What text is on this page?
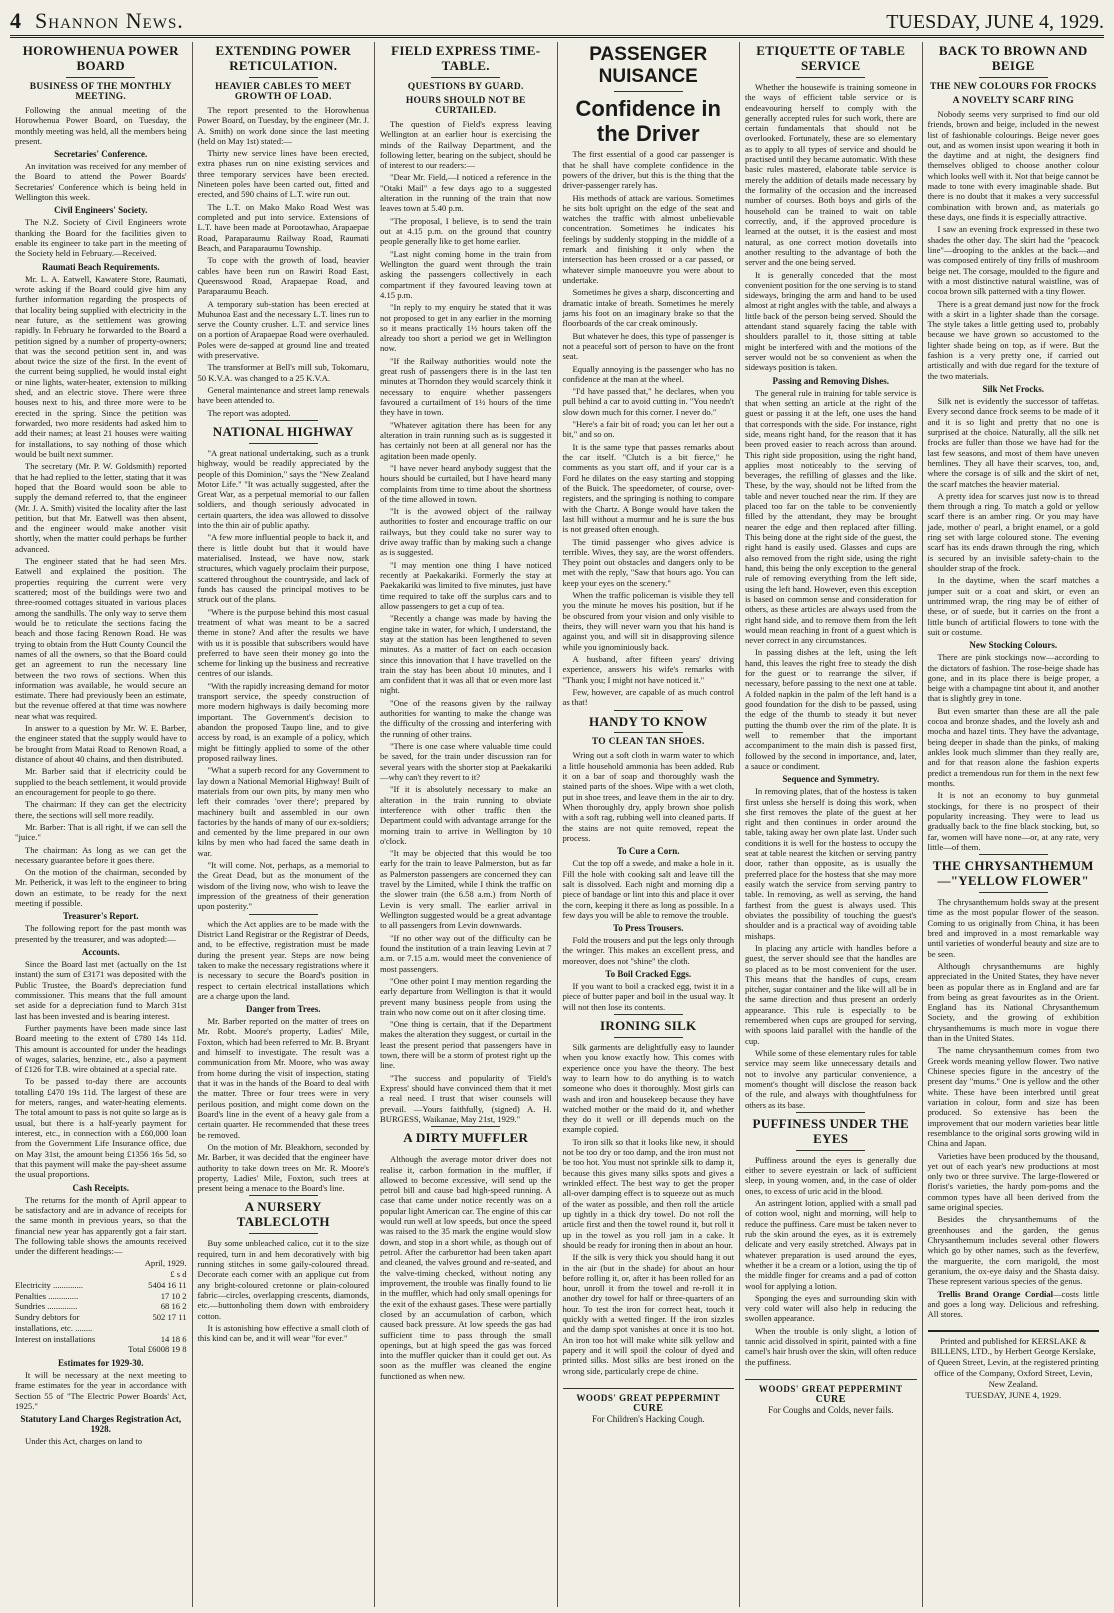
4 Shannon News.	TUESDAY, JUNE 4, 1929.
HOROWHENUA POWER BOARD
BUSINESS OF THE MONTHLY MEETING.

Following the annual meeting of the Horowhenua Power Board, on Tuesday, the monthly meeting was held, all the members being present.

Secretaries' Conference.

An invitation was received for any member of the Board to attend the Power Boards' Secretaries' Conference which is being held in Wellington this week.

Civil Engineers' Society.

The N.Z. Society of Civil Engineers wrote thanking the Board for the facilities given to enable its engineer to take part in the meeting of the Society held in February.—Received.

Raumati Beach Requirements.

Mr. L. A. Eatwell, Kawatere Store, Raumati, wrote asking if the Board could give him any further information regarding the prospects of that locality being supplied with electricity in the near future, as the settlement was growing rapidly. In February he forwarded to the Board a petition signed by a number of property-owners; that was the second petition sent in, and was about twice the size of the first. In the event of the current being supplied, he would instal eight or nine lights, water-heater, extension to milking shed, and an electric stove. There were three houses next to his, and three more were to be erected in the spring. Since the petition was forwarded, two more residents had asked him to add their names; at least 21 houses were waiting for installations, to say nothing of those which would be built next summer.

The secretary (Mr. P. W. Goldsmith) reported that he had replied to the letter, stating that it was hoped that the Board would soon be able to supply the demand referred to, that the engineer (Mr. J. A. Smith) visited the locality after the last petition, but that Mr. Eatwell was then absent, and the engineer would make another visit shortly, when the matter could perhaps be further advanced.

The engineer stated that he had seen Mrs. Eatwell and explained the position. The properties requiring the current were very scattered; most of the buildings were two and three-roomed cottages situated in various places among the sandhills. The only way to serve them would be to reticulate the sections facing the beach and those facing Renown Road. He was trying to obtain from the Hutt County Council the names of all the owners, so that the Board could get an agreement to run the necessary line between the two rows of sections. When this information was available, he would secure an estimate. There had previously been an estimate, but the revenue offered at that time was nowhere near what was required.

In answer to a question by Mr. W. E. Barber, the engineer stated that the supply would have to be brought from Matai Road to Renown Road, a distance of about 40 chains, and then distributed.

Mr. Barber said that if electricity could be supplied to the beach settlement, it would provide an encouragement for people to go there.

The chairman: If they can get the electricity there, the sections will sell more readily.

Mr. Barber: That is all right, if we can sell the "juice."

The chairman: As long as we can get the necessary guarantee before it goes there.

On the motion of the chairman, seconded by Mr. Petherick, it was left to the engineer to bring down an estimate, to be ready for the next meeting if possible.

Treasurer's Report.

The following report for the past month was presented by the treasurer, and was adopted:—

Accounts.

Since the Board last met (actually on the 1st instant) the sum of £3171 was deposited with the Public Trustee, the Board's depreciation fund commissioner. This means that the full amount set aside for a depreciation fund to March 31st last has been invested and is bearing interest.

Further payments have been made since last Board meeting to the extent of £780 14s 11d. This amount is accounted for under the headings of wages, salaries, benzine, etc., also a payment of £126 for T.B. wire obtained at a special rate.

To be passed to-day there are accounts totalling £470 19s 11d. The largest of these are for meters, ranges, and water-heating elements. The total amount to pass is not quite so large as is usual, but there is a half-yearly payment for interest, etc., in connection with a £60,000 loan from the Government Life Insurance office, due on May 31st, the amount being £1356 16s 5d, so that this payment will make the pay-sheet assume the usual proportions.

Cash Receipts.

The returns for the month of April appear to be satisfactory and are in advance of receipts for the same month in previous years, so that the financial new year has apparently got a fair start. The following table shows the amounts received under the different headings:—

April, 1929.
£ s d
Electricity ..............	5404 16 11
Penalties ..............	17 10 2
Sundries ..............	68 16 2
Sundry debtors for installations, etc. ........
502 17 11
Interest on installations	14 18 6
Total £6008 19 8
Estimates for 1929-30.

It will be necessary at the next meeting to frame estimates for the year in accordance with Section 55 of "The Electric Power Boards' Act, 1925."

Statutory Land Charges Registration Act, 1928.

Under this Act, charges on land to

EXTENDING POWER RETICULATION.
HEAVIER CABLES TO MEET GROWTH OF LOAD.

The report presented to the Horowhenua Power Board, on Tuesday, by the engineer (Mr. J. A. Smith) on work done since the last meeting (held on May 1st) stated:—

Thirty new service lines have been erected, extra phases run on nine existing services and three temporary services have been erected. Nineteen poles have been carted out, fitted and erected, and 590 chains of L.T. wire run out.

The L.T. on Mako Mako Road West was completed and put into service. Extensions of L.T. have been made at Porootawhao, Arapaepae Road, Paraparaumu Railway Road, Raumati Beach, and Paraparaumu Township.

To cope with the growth of load, heavier cables have been run on Rawiri Road East, Queenswood Road, Arapaepae Road, and Paraparaumu Beach.

A temporary sub-station has been erected at Muhunoa East and the necessary L.T. lines run to serve the County crusher. L.T. and service lines on a portion of Arapaepae Road were overhauled. Poles were de-sapped at ground line and treated with preservative.

The transformer at Bell's mill sub, Tokomaru, 50 K.V.A. was changed to a 25 K.V.A.

General maintenance and street lamp renewals have been attended to.

The report was adopted.

NATIONAL HIGHWAY

"A great national undertaking, such as a trunk highway, would be readily appreciated by the people of this Dominion," says the "New Zealand Motor Life." "It was actually suggested, after the Great War, as a perpetual memorial to our fallen soldiers, and though seriously advocated in certain quarters, the idea was allowed to dissolve into the thin air of public apathy.

"A few more influential people to back it, and there is little doubt but that it would have materialised. Instead, we have now, stark structures, which vaguely proclaim their purpose, scattered throughout the countryside, and lack of funds has caused the principal motives to be struck out of the plans.

"Where is the purpose behind this most casual treatment of what was meant to be a sacred theme in stone? And after the results we have with us it is possible that subscribers would have preferred to have seen their money go into the scheme for linking up the business and recreative centres of our islands.

"With the rapidly increasing demand for motor transport service, the speedy construction of more modern highways is daily becoming more important. The Government's decision to abandon the proposed Taupo line, and to give access by road, is an example of a policy, which might be fittingly applied to some of the other proposed railway lines.

"What a superb record for any Government to lay down a National Memorial Highway! Built of materials from our own pits, by many men who left their comrades 'over there'; prepared by machinery built and assembled in our own factories by the hands of many of our ex-soldiers; and cemented by the lime prepared in our own kilns by men who had faced the same death in war.

"It will come. Not, perhaps, as a memorial to the Great Dead, but as the monument of the wisdom of the living now, who wish to leave the impression of the greatness of their generation upon posterity."

which the Act applies are to be made with the District Land Registrar or the Registrar of Deeds, and, to be effective, registration must be made during the present year. Steps are now being taken to make the necessary registrations where it is necessary to secure the Board's position in respect to certain electrical installations which are a charge upon the land.

Danger from Trees.

Mr. Barber reported on the matter of trees on Mr. Robt. Moore's property, Ladies' Mile, Foxton, which had been referred to Mr. B. Bryant and himself to investigate. The result was a communication from Mr. Moore, who was away from home during the visit of inspection, stating that it was in the hands of the Board to deal with the matter. Three or four trees were in very perilous position, and might come down on the Board's line in the event of a heavy gale from a certain quarter. He recommended that these trees be removed.

On the motion of Mr. Bleakhorn, seconded by Mr. Barber, it was decided that the engineer have authority to take down trees on Mr. R. Moore's property, Ladies' Mile, Foxton, such trees at present being a menace to the Board's line.

A NURSERY TABLECLOTH

Buy some unbleached calico, cut it to the size required, turn in and hem decoratively with big running stitches in some gaily-coloured thread. Decorate each corner with an applique cut from any bright-coloured cretonne or plain-coloured fabric—circles, overlapping crescents, diamonds, etc.—buttonholing them down with embroidery cotton.

It is astonishing how effective a small cloth of this kind can be, and it will wear "for ever."

FIELD EXPRESS TIME-TABLE.
QUESTIONS BY GUARD.
HOURS SHOULD NOT BE CURTAILED.

The question of Field's express leaving Wellington at an earlier hour is exercising the minds of the Railway Department, and the following letter, bearing on the subject, should be of interest to our readers:—

"Dear Mr. Field,—I noticed a reference in the "Otaki Mail" a few days ago to a suggested alteration in the running of the train that now leaves town at 5.40 p.m.

"The proposal, I believe, is to send the train out at 4.15 p.m. on the ground that country people generally like to get home earlier.

"Last night coming home in the train from Wellington the guard went through the train asking the passengers collectively in each compartment if they favoured leaving town at 4.15 p.m.

"In reply to my enquiry he stated that it was not proposed to get in any earlier in the morning so it means practically 1½ hours taken off the already too short a period we get in Wellington now.

"If the Railway authorities would note the great rush of passengers there is in the last ten minutes at Thorndon they would scarcely think it necessary to enquire whether passengers favoured a curtailment of 1½ hours of the time they have in town.

"Whatever agitation there has been for any alteration in train running such as is suggested it has certainly not been at all general nor has the agitation been made openly.

"I have never heard anybody suggest that the hours should be curtailed, but I have heard many complaints from time to time about the shortness of the time allowed in town.

"It is the avowed object of the railway authorities to foster and encourage traffic on our railways, but they could take no surer way to drive away traffic than by making such a change as is suggested.

"I may mention one thing I have noticed recently at Paekakariki. Formerly the stay at Paekakariki was limited to five minutes, just have time required to take off the surplus cars and to allow passengers to get a cup of tea.

"Recently a change was made by having the engine take in water, for which, I understand, the stay at the station has been lengthened to seven minutes. As a matter of fact on each occasion since this innovation that I have travelled on the train the stay has been about 10 minutes, and I am confident that it was all that or even more last night.

"One of the reasons given by the railway authorities for wanting to make the change was the difficulty of the crossing and interfering with the running of other trains.

"There is one case where valuable time could be saved, for the train under discussion ran for several years with the shorter stop at Paekakariki —why can't they revert to it?

"If it is absolutely necessary to make an alteration in the train running to obviate interference with other traffic then the Department could with advantage arrange for the morning train to arrive in Wellington by 10 o'clock.

"It may be objected that this would be too early for the train to leave Palmerston, but as far as Palmerston passengers are concerned they can travel by the Limited, while I think the traffic on the slower train (the 6.58 a.m.) from North of Levin is very small. The earlier arrival in Wellington suggested would be a great advantage to all passengers from Levin downwards.

"If no other way out of the difficulty can be found the institution of a train leaving Levin at 7 a.m. or 7.15 a.m. would meet the convenience of most passengers.

"One other point I may mention regarding the early departure from Wellington is that it would prevent many business people from using the train who now come out on it after closing time.

"One thing is certain, that if the Department makes the alteration they suggest, or curtail in the least the present period that passengers have in town, there will be a storm of protest right up the line.

"The success and popularity of 'Field's Express' should have convinced them that it met a real need. I trust that wiser counsels will prevail. —Yours faithfully, (signed) A. H. BURGESS, Waikanae, May 21st, 1929."

A DIRTY MUFFLER

Although the average motor driver does not realise it, carbon formation in the muffler, if allowed to become excessive, will send up the petrol bill and cause bad high-speed running. A case that came under notice recently was on a popular light American car. The engine of this car would run well at low speeds, but once the speed was raised to the 35 mark the engine would slow down, and stop in a short while, as though out of petrol. After the carburettor had been taken apart and cleaned, the valves ground and re-seated, and the valve-timing checked, without noting any improvement, the trouble was finally found to lie in the muffler, which had only small openings for the exit of the exhaust gases. These were partially closed by an accumulation of carbon, which caused back pressure. At low speeds the gas had sufficient time to pass through the small openings, but at high speed the gas was forced into the muffler quicker than it could get out. As soon as the muffler was cleaned the engine functioned as when new.

PASSENGER NUISANCE
Confidence in the Driver

The first essential of a good car passenger is that he shall have complete confidence in the powers of the driver, but this is the thing that the driver-passenger rarely has.

His methods of attack are various. Sometimes he sits bolt upright on the edge of the seat and watches the traffic with almost unbelievable concentration. Sometimes he indicates his feelings by suddenly stopping in the middle of a remark and finishing it only when the intersection has been crossed or a car passed, or whatever simple manoeuvre you were about to undertake.

Sometimes he gives a sharp, disconcerting and dramatic intake of breath. Sometimes he merely jams his foot on an imaginary brake so that the floorboards of the car creak ominously.

But whatever he does, this type of passenger is not a peaceful sort of person to have on the front seat.

Equally annoying is the passenger who has no confidence at the man at the wheel.

"I'd have passed that," he declares, when you pull behind a car to avoid cutting in. "You needn't slow down much for this corner. I never do."

"Here's a fair bit of road; you can let her out a bit," and so on.

It is the same type that passes remarks about the car itself. "Clutch is a bit fierce," he comments as you start off, and if your car is a Ford he dilates on the easy starting and stopping of the Buick. The speedometer, of course, over-registers, and the springing is nothing to compare with the Chartz. A Bonge would have taken the last hill without a murmur and he is sure the bus is not greased often enough.

The timid passenger who gives advice is terrible. Wives, they say, are the worst offenders. They point out obstacles and dangers only to be met with the reply, "Saw that hours ago. You can keep your eyes on the scenery."

When the traffic policeman is visible they tell you the minute he moves his position, but if he be obscured from your vision and only visible to theirs, they will never warn you that his hand is against you, and will sit in disapproving silence while you ignominiously back.

A husband, after fifteen years' driving experience, answers his wife's remarks with "Thank you; I might not have noticed it."

Few, however, are capable of as much control as that!

HANDY TO KNOW
TO CLEAN TAN SHOES.

Wring out a soft cloth in warm water to which a little household ammonia has been added. Rub it on a bar of soap and thoroughly wash the stained parts of the shoes. Wipe with a wet cloth, put in shoe trees, and leave them in the air to dry. When thoroughly dry, apply brown shoe polish with a soft rag, rubbing well into cleaned parts. If the stains are not quite removed, repeat the process.

To Cure a Corn.

Cut the top off a swede, and make a hole in it. Fill the hole with cooking salt and leave till the salt is dissolved. Each night and morning dip a piece of bandage or lint into this and place it over the corn, keeping it there as long as possible. In a few days you will be able to remove the trouble.

To Press Trousers.

Fold the trousers and put the legs only through the wringer. This makes an excellent press, and moreover, does not "shine" the cloth.

To Boil Cracked Eggs.

If you want to boil a cracked egg, twist it in a piece of butter paper and boil in the usual way. It will not then lose its contents.

IRONING SILK

Silk garments are delightfully easy to launder when you know exactly how. This comes with experience once you have the theory. The best way to learn how to do anything is to watch someone who does it thoroughly. Most girls can wash and iron and housekeep because they have watched mother or the maid do it, and whether they do it well or ill depends much on the example copied.

To iron silk so that it looks like new, it should not be too dry or too damp, and the iron must not be too hot. You must not sprinkle silk to damp it, because this gives many silks spots and gives a wrinkled effect. The best way to get the proper all-over damping effect is to squeeze out as much of the water as possible, and then roll the article up tightly in a thick dry towel. Do not roll the article first and then the towel round it, but roll it up in the towel as you roll jam in a cake. It should be ready for ironing then in about an hour.

If the silk is very thick you should hang it out in the air (but in the shade) for about an hour before rolling it, or, after it has been rolled for an hour, unroll it from the towel and re-roll it in another dry towel for half or three-quarters of an hour. To test the iron for correct heat, touch it quickly with a wetted finger. If the iron sizzles and the damp spot vanishes at once it is too hot. An iron too hot will make white silk yellow and papery and it will spoil the colour of dyed and printed silks. Most silks are best ironed on the wrong side, particularly crepe de chine.

WOODS' GREAT PEPPERMINT
CURE
For Children's Hacking Cough.
ETIQUETTE OF TABLE SERVICE

Whether the housewife is training someone in the ways of efficient table service or is endeavouring herself to comply with the generally accepted rules for such work, there are certain fundamentals that should not be overlooked. Fortunately, these are so elementary as to apply to all types of service and should be practised until they became automatic. With these basic rules mastered, elaborate table service is merely the addition of details made necessary by the formality of the occasion and the increased number of courses. Both boys and girls of the household can be trained to wait on table correctly, and, if the approved procedure is learned at the outset, it is the easiest and most natural, as one correct motion dovetails into another resulting to the advantage of both the server and the one being served.

It is generally conceded that the most convenient position for the one serving is to stand sideways, bringing the arm and hand to be used almost at right angles with the table, and always a little back of the person being served. Should the attendant stand squarely facing the table with shoulders parallel to it, those sitting at table might be interfered with and the motions of the server would not be so convenient as when the sideways position is taken.

Passing and Removing Dishes.

The general rule in training for table service is that when setting an article at the right of the guest or passing it at the left, one uses the hand that corresponds with the side. For instance, right side, means right hand, for the reason that it has been proved easier to reach across than around. This right side proposition, using the right hand, applies most noticeably to the serving of beverages, the refilling of glasses and the like. These, by the way, should not be lifted from the table and never touched near the rim. If they are placed too far on the table to be conveniently filled by the attendant, they may be brought nearer the edge and then replaced after filling. This being done at the right side of the guest, the right hand is easily used. Glasses and cups are also removed from the right side, using the right hand, this being the only exception to the general rule of removing everything from the left side, using the left hand. However, even this exception is based on common sense and consideration for others, as these articles are always used from the right hand side, and to remove them from the left would mean reaching in front of a guest which is never correct in any circumstances.

In passing dishes at the left, using the left hand, this leaves the right free to steady the dish for the guest or to rearrange the silver, if necessary, before passing to the next one at table. A folded napkin in the palm of the left hand is a good foundation for the dish to be passed, using the edge of the thumb to steady it but never putting the thumb over the rim of the plate. It is well to remember that the important accompaniment to the main dish is passed first, followed by the second in importance, and, later, a sauce or condiment.

Sequence and Symmetry.

In removing plates, that of the hostess is taken first unless she herself is doing this work, when she first removes the plate of the guest at her right and then continues in order around the table, taking away her own plate last. Under such conditions it is well for the hostess to occupy the seat at table nearest the kitchen or serving pantry door, rather than opposite, as is usually the preferred place for the hostess that she may more easily watch the service from serving pantry to table. In removing, as well as serving, the hand farthest from the guest is always used. This obviates the possibility of touching the guest's shoulder and is a practical way of avoiding table mishaps.

In placing any article with handles before a guest, the server should see that the handles are so placed as to be most convenient for the user. This means that the handles of cups, cream pitcher, sugar container and the like will all be in the same direction and thus present an orderly appearance. This rule is especially to be remembered when cups are grouped for serving, with spoons laid parallel with the handle of the cup.

While some of these elementary rules for table service may seem like unnecessary details and not to involve any particular convenience, a moment's thought will disclose the reason back of the rule, and always with thoughtfulness for others as its base.

PUFFINESS UNDER THE EYES

Puffiness around the eyes is generally due either to severe eyestrain or lack of sufficient sleep, in young women, and, in the case of older ones, to excess of uric acid in the blood.

An astringent lotion, applied with a small pad of cotton wool, night and morning, will help to reduce the puffiness. Care must be taken never to rub the skin around the eyes, as it is extremely delicate and very easily stretched. Always pat in whatever preparation is used around the eyes, whether it be a cream or a lotion, using the tip of the middle finger for creams and a pad of cotton wool for applying a lotion.

Sponging the eyes and surrounding skin with very cold water will also help in reducing the swollen appearance.

When the trouble is only slight, a lotion of tannic acid dissolved in spirit, painted with a fine camel's hair brush over the skin, will often reduce the puffiness.

WOODS' GREAT PEPPERMINT
CURE
For Coughs and Colds, never fails.
BACK TO BROWN AND BEIGE
THE NEW COLOURS FOR FROCKS
A NOVELTY SCARF RING

Nobody seems very surprised to find our old friends, brown and beige, included in the newest list of fashionable colourings. Beige never goes out, and as women insist upon wearing it both in the daytime and at night, the designers find themselves obliged to choose another colour which looks well with it. Not that beige cannot be made to tone with every imaginable shade. But there is no doubt that it makes a very successful combination with brown and, as materials go these days, one finds it is especially attractive.

I saw an evening frock expressed in these two shades the other day. The skirt had the "peacock line"—drooping to the ankles at the back—and was composed entirely of tiny frills of mushroom beige net. The corsage, moulded to the figure and with a most distinctive natural waistline, was of cocoa brown silk patterned with a tiny flower.

There is a great demand just now for the frock with a skirt in a lighter shade than the corsage. The style takes a little getting used to, probably because we have grown so accustomed to the lighter shade being on top, as if were. But the fashion is a very pretty one, if carried out artistically and with due regard for the texture of the two materials.

Silk Net Frocks.

Silk net is evidently the successor of taffetas. Every second dance frock seems to be made of it and it is so light and pretty that no one is surprised at the choice. Naturally, all the silk net frocks are fuller than those we have had for the last few seasons, and most of them have uneven hemlines. They all have their scarves, too, and, where the corsage is of silk and the skirt of net, the scarf matches the heavier material.

A pretty idea for scarves just now is to thread them through a ring. To match a gold or yellow scarf there is an amber ring. Or you may have jade, mother o' pearl, a bright enamel, or a gold ring set with large coloured stone. The evening scarf has its ends drawn through the ring, which is secured by an invisible safety-chain to the shoulder strap of the frock.

In the daytime, when the scarf matches a jumper suit or a coat and skirt, or even an untrimmed wrap, the ring may be of either of these, or of suede, but it carries on the front a little bunch of artificial flowers to tone with the suit or costume.

New Stocking Colours.

There are pink stockings now—according to the dictators of fashion. The rose-beige shade has gone, and in its place there is beige proper, a beige with a champagne tint about it, and another that is slightly grey in tone.

But even smarter than these are all the pale cocoa and bronze shades, and the lovely ash and mocha and hazel tints. They have the advantage, being deeper in shade than the pinks, of making ankles look much slimmer than they really are, and for that reason alone the fashion experts predict a tremendous run for them in the next few months.

It is not an economy to buy gunmetal stockings, for there is no prospect of their popularity increasing. They were to lead us gradually back to the fine black stocking, but, so far, women will have none—or, at any rate, very little—of them.

THE CHRYSANTHEMUM —"YELLOW FLOWER"

The chrysanthemum holds sway at the present time as the most popular flower of the season. Coming to us originally from China, it has been bred and improved in a most remarkable way until varieties of wonderful beauty and size are to be seen.

Although chrysanthemums are highly appreciated in the United States, they have never been as popular there as in England and are far from being as great favourites as in the Orient. England has its National Chrysanthemum Society, and the growing of exhibition chrysanthemums is much more in vogue there than in the United States.

The name chrysanthemum comes from two Greek words meaning yellow flower. Two native Chinese species figure in the ancestry of the present day "mums." One is yellow and the other white. These have been interbred until great variation in colour, form and size has been produced. So extensive has been the improvement that our modern varieties bear little resemblance to the original sorts growing wild in China and Japan.

Varieties have been produced by the thousand, yet out of each year's new productions at most only two or three survive. The large-flowered or florist's varieties, the hardy pom-poms and the common types have all been derived from the same original species.

Besides the chrysanthemums of the greenhouses and the garden, the genus Chrysanthemum includes several other flowers which go by other names, such as the feverfew, the marguerite, the corn marigold, the most geranium, the ox-eye daisy and the Shasta daisy. These represent various species of the genus.

Trellis Brand Orange Cordial—costs little and goes a long way. Delicious and refreshing. All stores.

Printed and published for KERSLAKE & BILLENS, LTD., by Herbert George Kerslake, of Queen Street, Levin, at the registered printing office of the Company, Oxford Street, Levin, New Zealand.
TUESDAY, JUNE 4, 1929.
